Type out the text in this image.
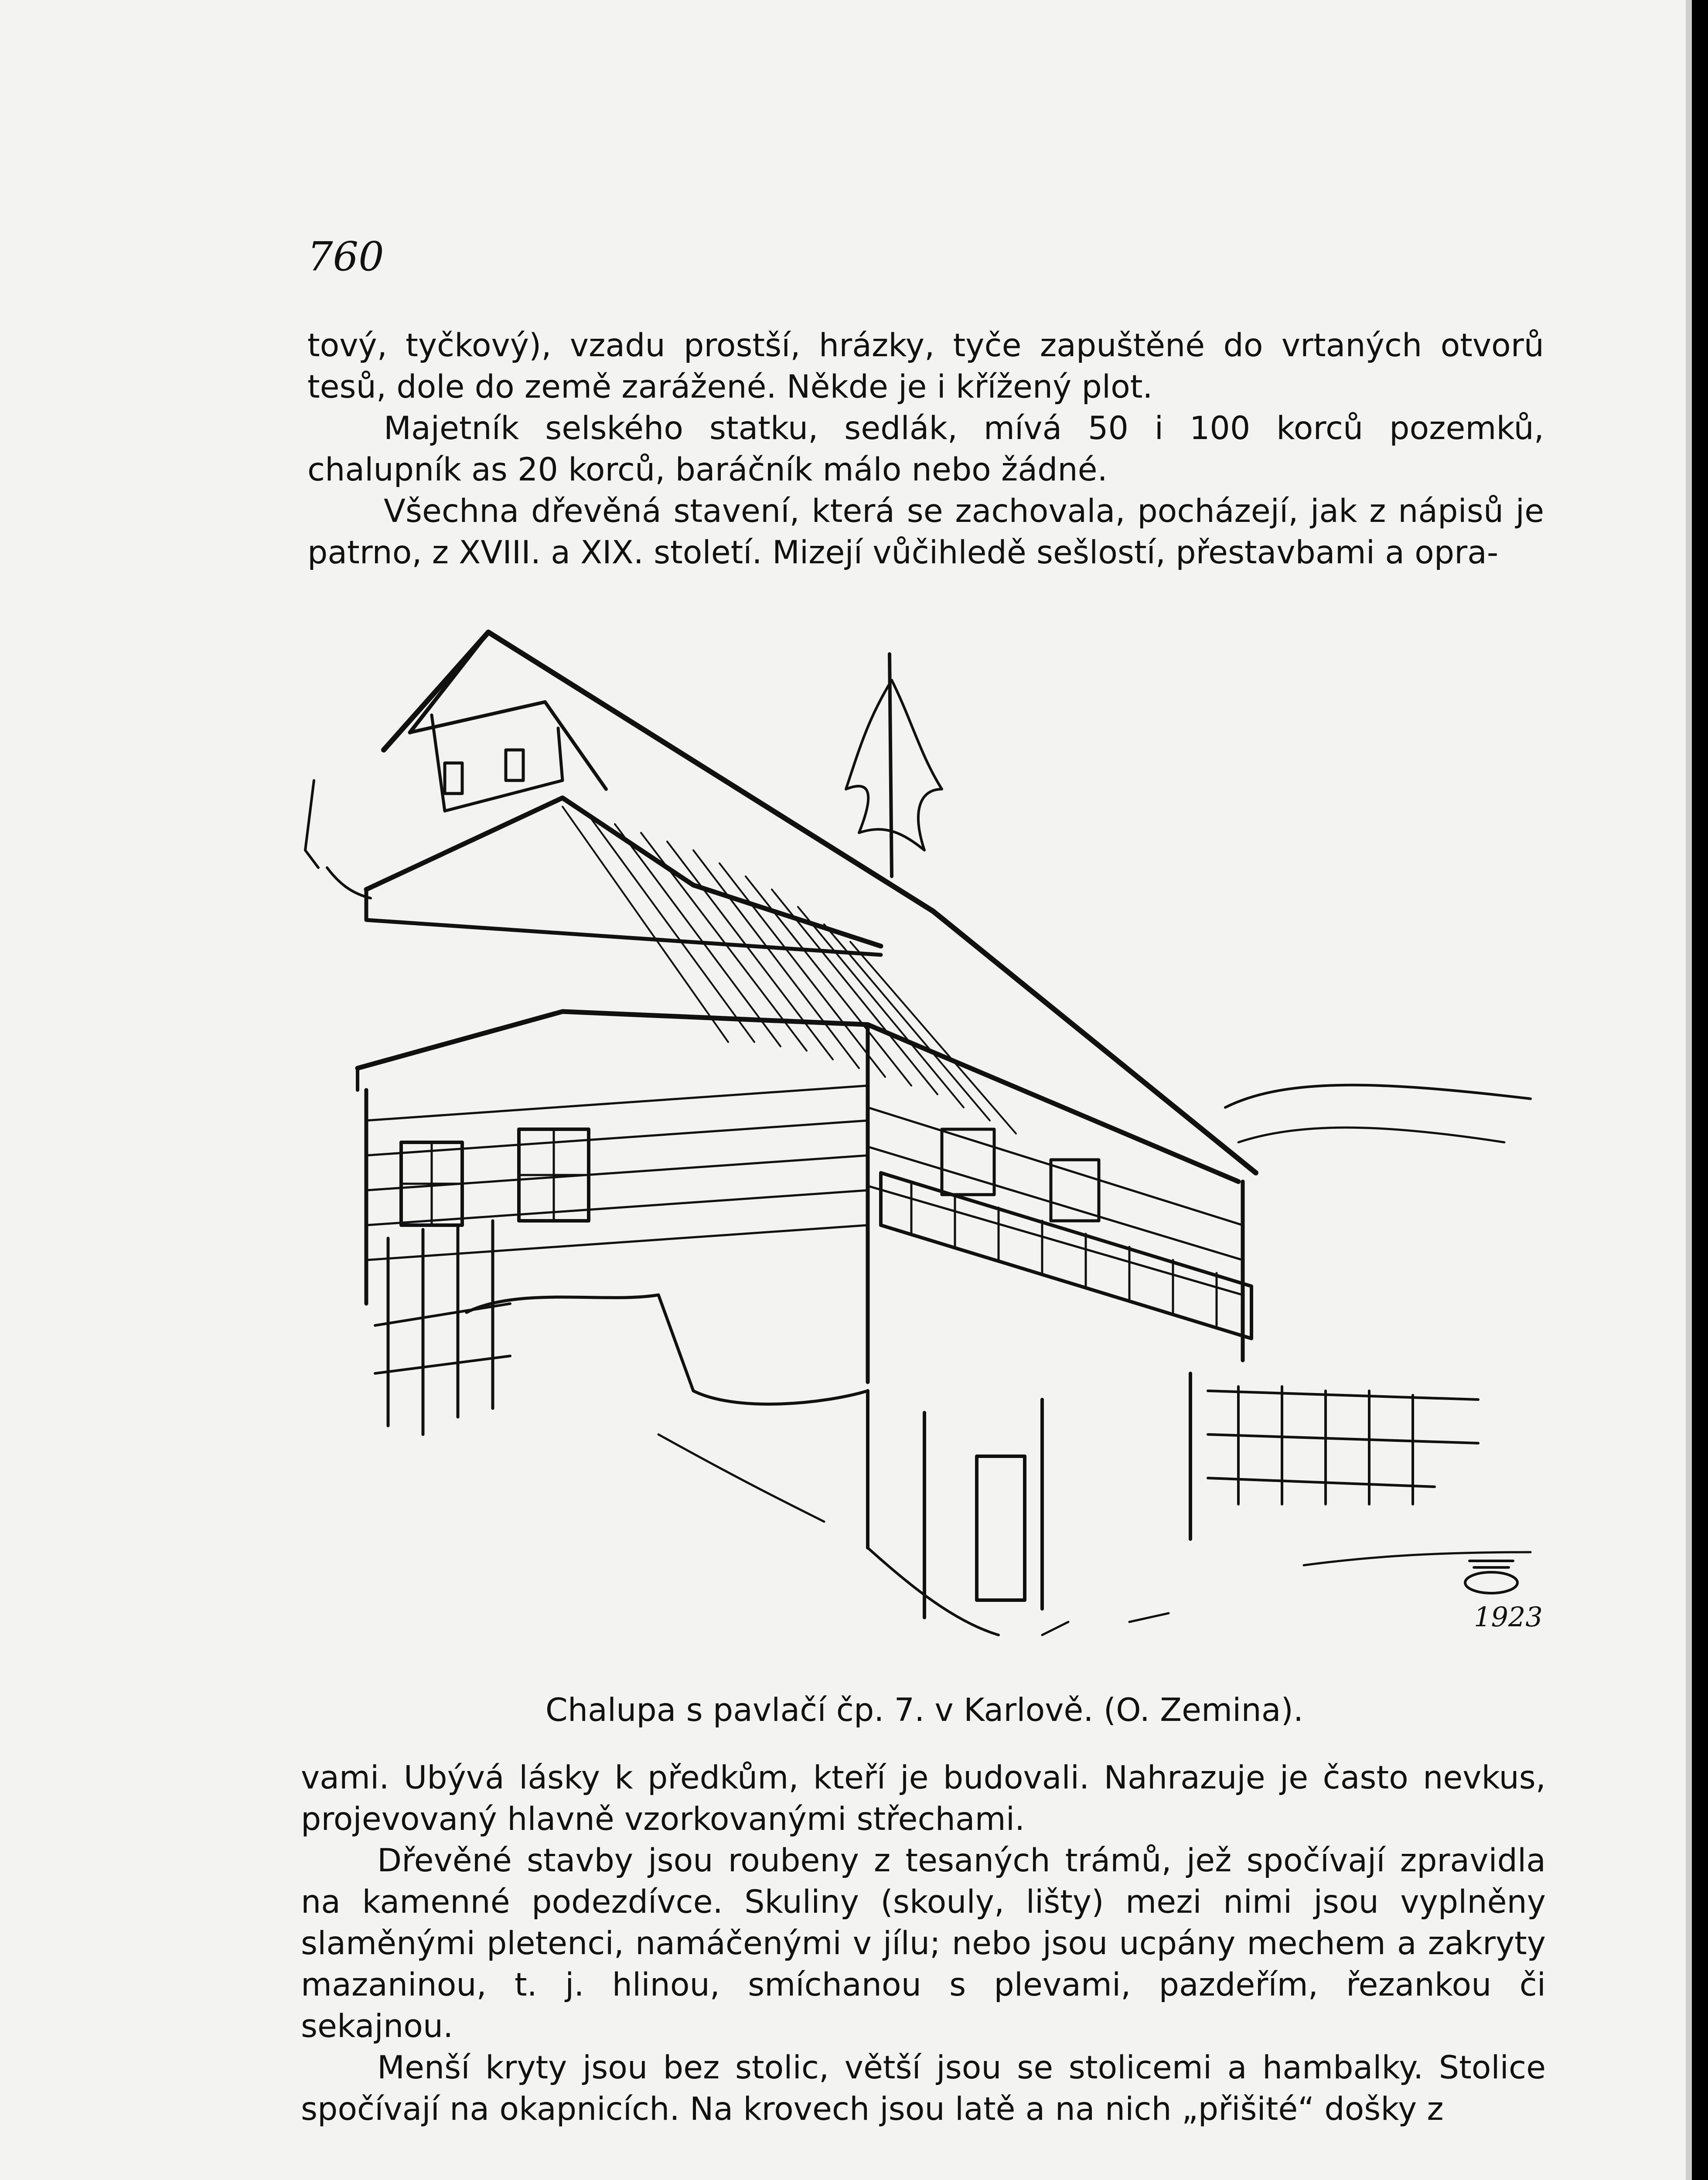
760

tový, tyčkový), vzadu prostší, hrázky, tyče zapuštěné do vrtaných otvorů tesů, dole do země zarážené. Někde je i křížený plot.

Majetník selského statku, sedlák, mívá 50 i 100 korců pozemků, chalupník as 20 korců, baráčník málo nebo žádné.

Všechna dřevěná stavení, která se zachovala, pocházejí, jak z nápisů je patrno, z XVIII. a XIX. století. Mizejí vůčihledě sešlostí, přestavbami a opra-

1923

Chalupa s pavlačí čp. 7. v Karlově. (O. Zemina).

vami. Ubývá lásky k předkům, kteří je budovali. Nahrazuje je často nevkus, projevovaný hlavně vzorkovanými střechami.

Dřevěné stavby jsou roubeny z tesaných trámů, jež spočívají zpravidla na kamenné podezdívce. Skuliny (skouly, lišty) mezi nimi jsou vyplněny slaměnými pletenci, namáčenými v jílu; nebo jsou ucpány mechem a zakryty mazaninou, t. j. hlinou, smíchanou s plevami, pazdeřím, řezankou či sekajnou.

Menší kryty jsou bez stolic, větší jsou se stolicemi a hambalky. Stolice spočívají na okapnicích. Na krovech jsou latě a na nich „přišité“ došky z
